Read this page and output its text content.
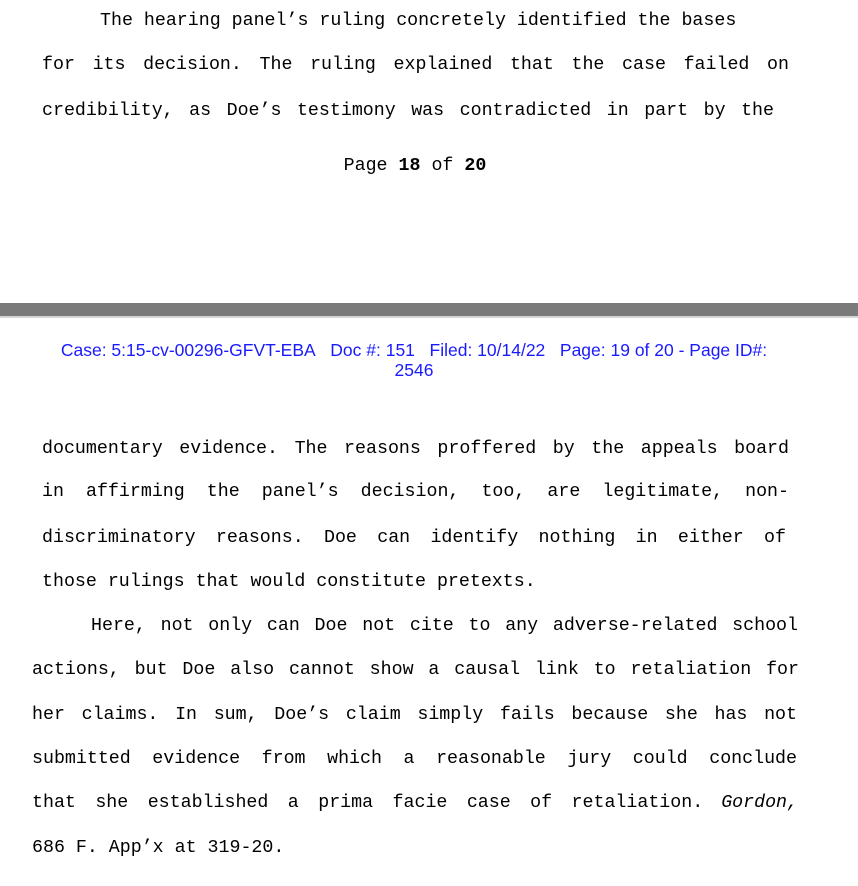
The hearing panel’s ruling concretely identified the bases
for its decision. The ruling explained that the case failed on
credibility, as Doe’s testimony was contradicted in part by the
Page 18 of 20
Case: 5:15-cv-00296-GFVT-EBA Doc #: 151 Filed: 10/14/22 Page: 19 of 20 - Page ID#:
2546
documentary evidence. The reasons proffered by the appeals board
in affirming the panel’s decision, too, are legitimate, non-
discriminatory reasons. Doe can identify nothing in either of
those rulings that would constitute pretexts.
Here, not only can Doe not cite to any adverse-related school
actions, but Doe also cannot show a causal link to retaliation for
her claims. In sum, Doe’s claim simply fails because she has not
submitted evidence from which a reasonable jury could conclude
that she established a prima facie case of retaliation. Gordon,
686 F. App’x at 319-20.
